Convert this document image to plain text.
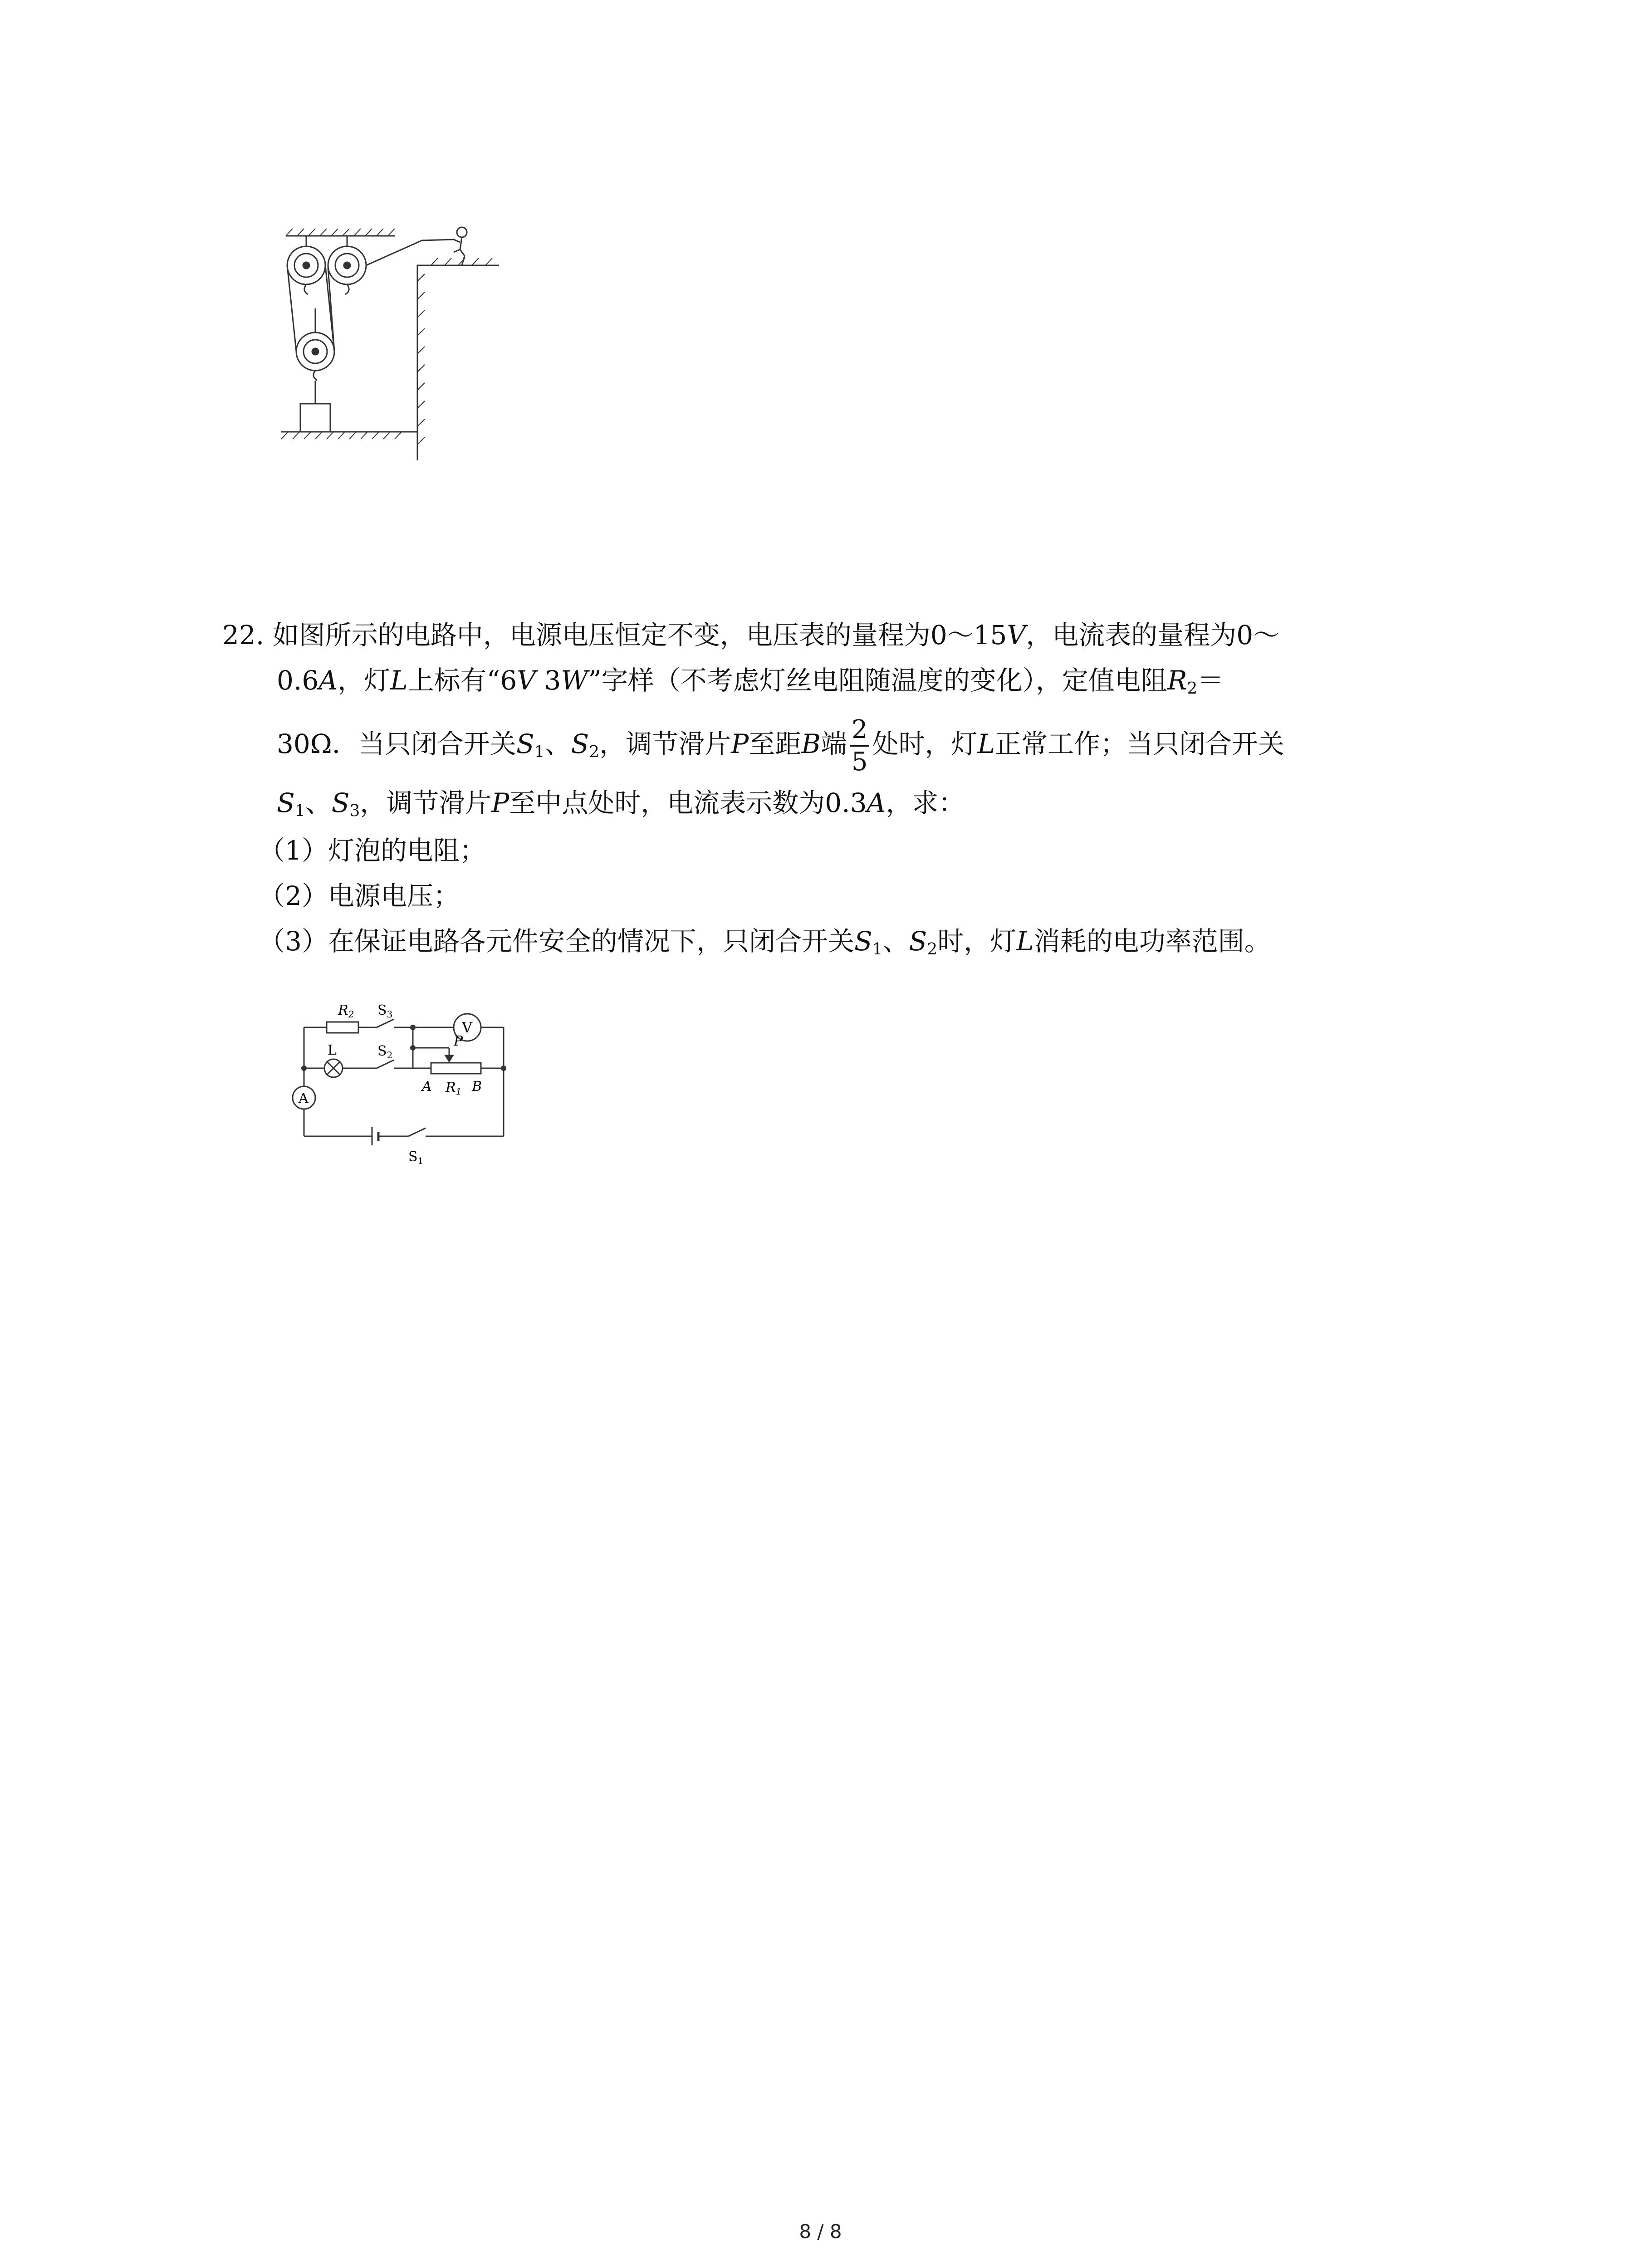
22. 如图所示的电路中，电源电压恒定不变，电压表的量程为0～15V，电流表的量程为0～
0.6A，灯L上标有“6V 3W”字样（不考虑灯丝电阻随温度的变化），定值电阻$R_2=$
30Ω．当只闭合开关$S_1$、$S_2$，调节滑片P至距B端 $\frac{2}{5}$ 处时，灯L正常工作；当只闭合开关
$S_1$、$S_3$，调节滑片P至中点处时，电流表示数为0.3A，求：
（1）灯泡的电阻；
（2）电源电压；
（3）在保证电路各元件安全的情况下，只闭合开关$S_1$、$S_2$时，灯L消耗的电功率范围。
$R_2$ $S_3$
V
L	$S_2$
P
A $R_1$ B
A
$S_1$
8 / 8
